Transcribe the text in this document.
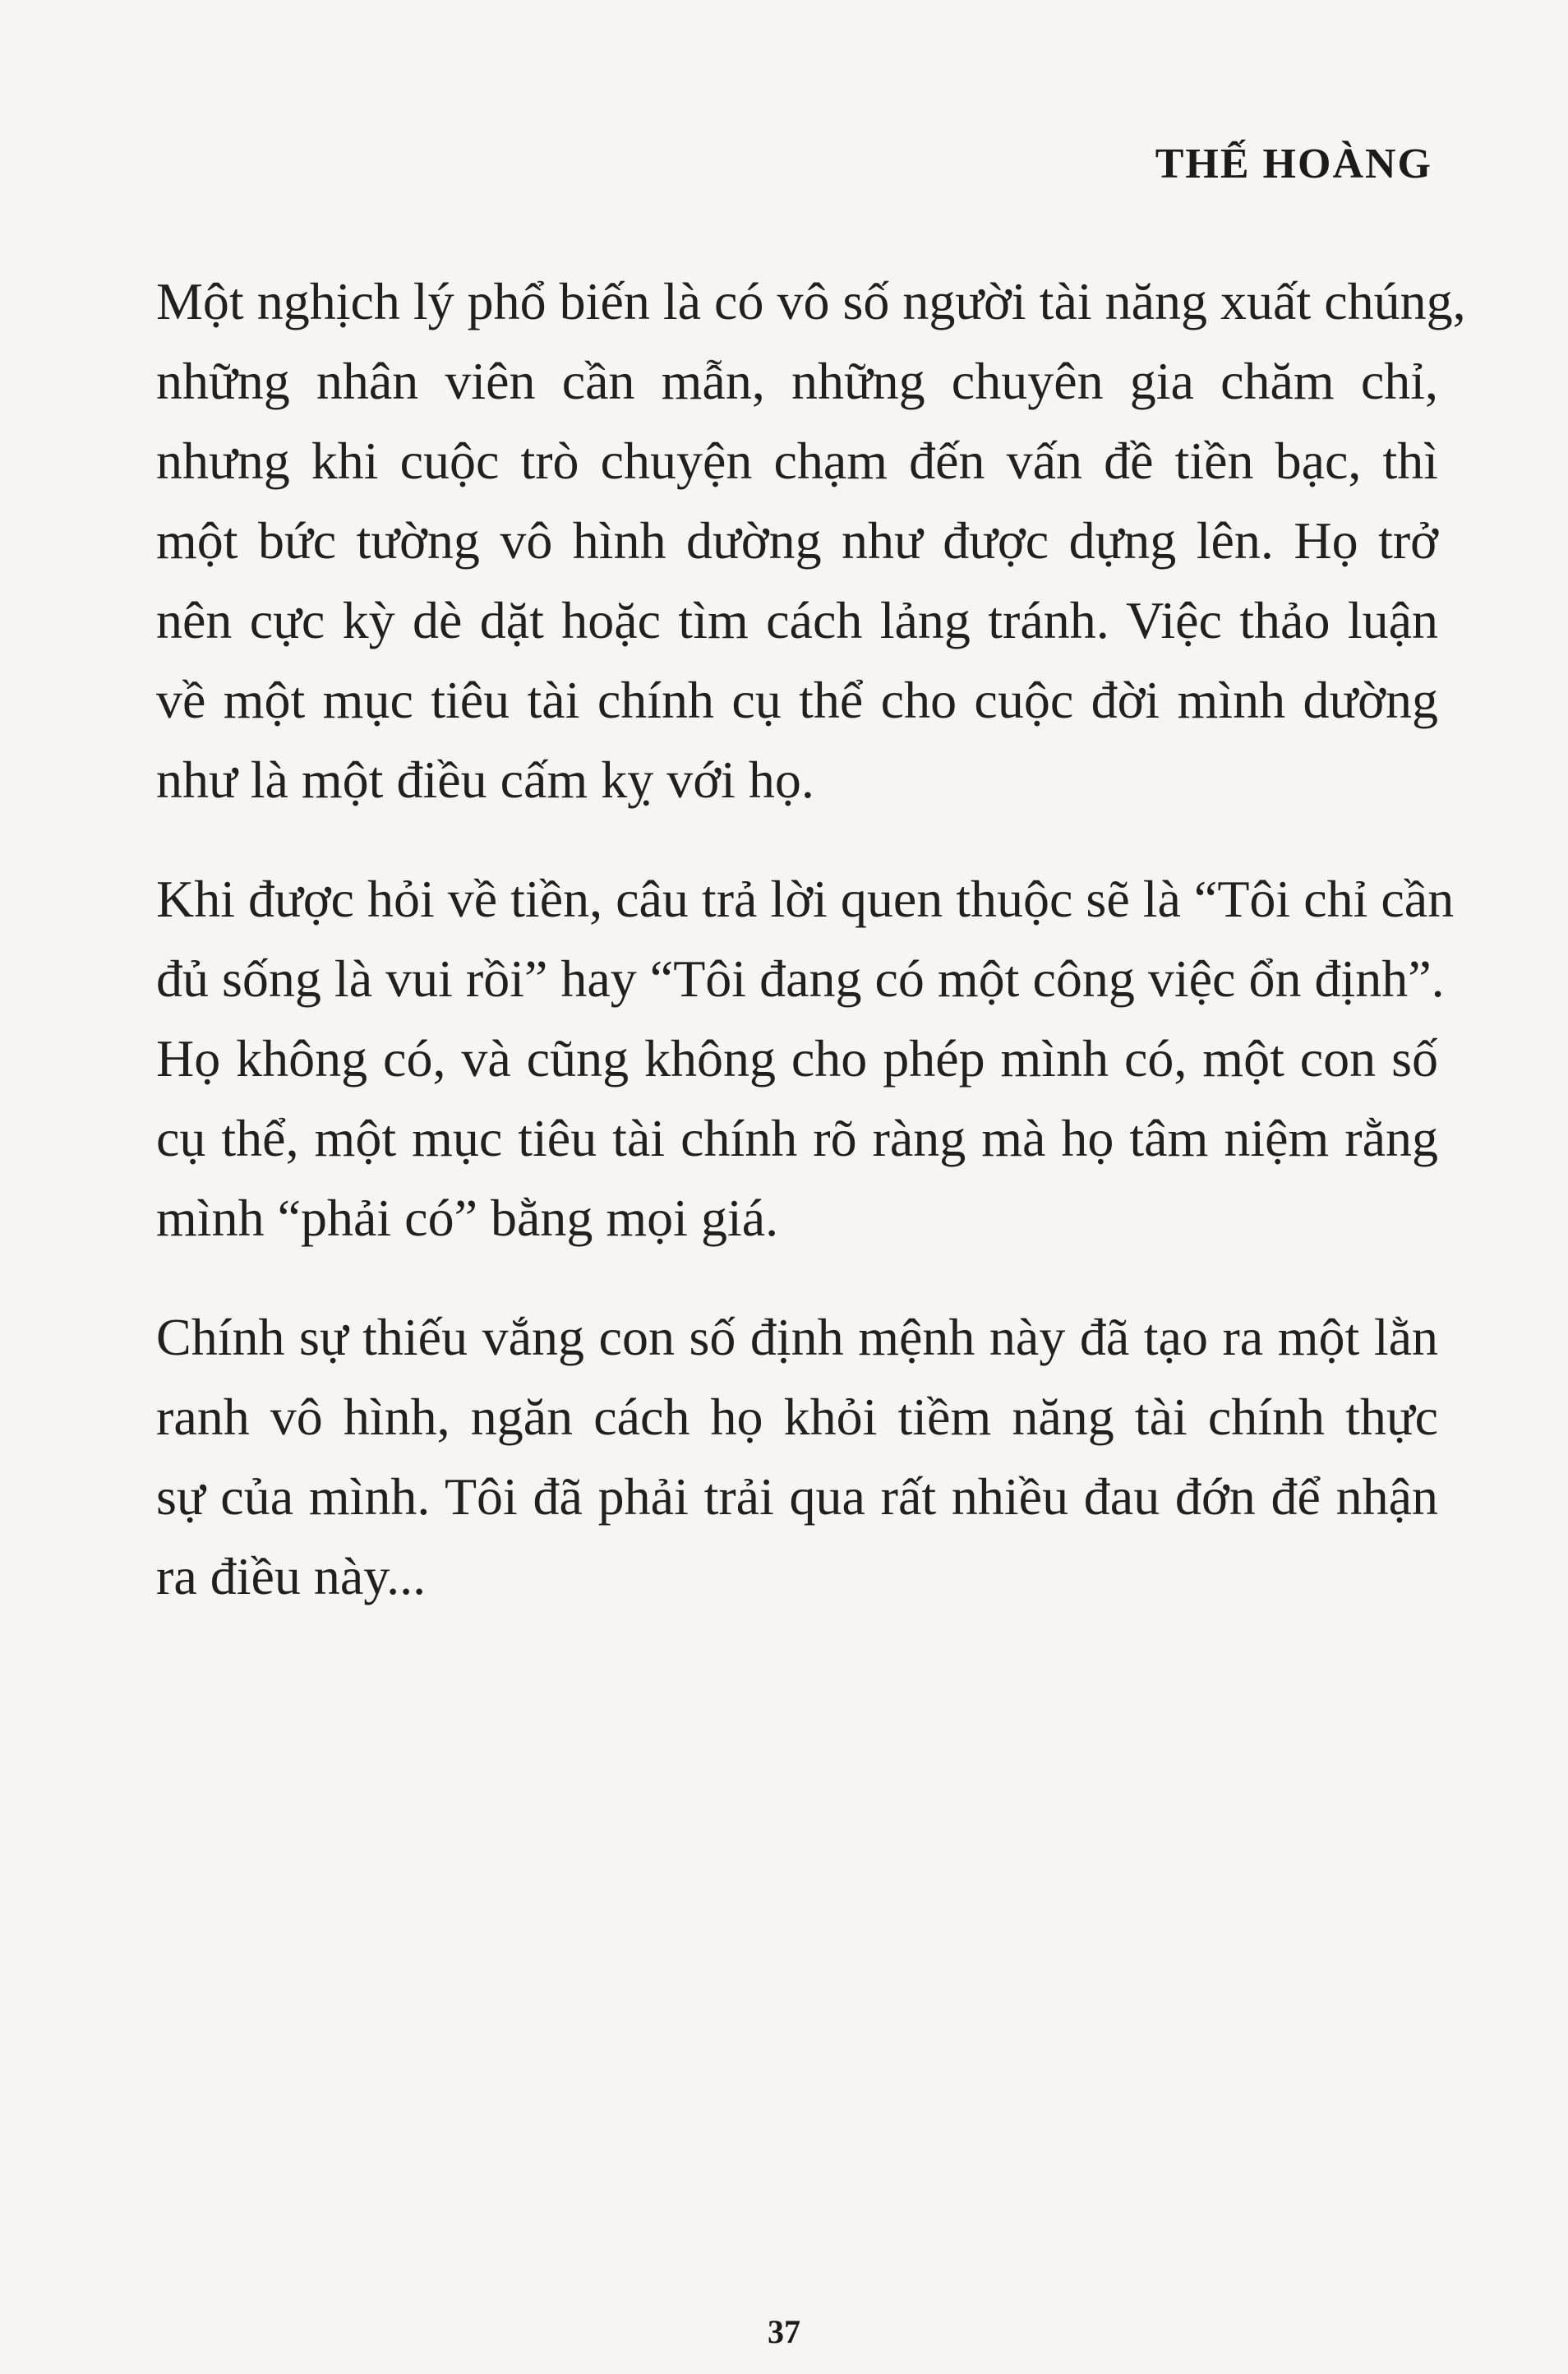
THẾ HOÀNG

Một nghịch lý phổ biến là có vô số người tài năng xuất chúng,
những nhân viên cần mẫn, những chuyên gia chăm chỉ,
nhưng khi cuộc trò chuyện chạm đến vấn đề tiền bạc, thì
một bức tường vô hình dường như được dựng lên. Họ trở
nên cực kỳ dè dặt hoặc tìm cách lảng tránh. Việc thảo luận
về một mục tiêu tài chính cụ thể cho cuộc đời mình dường
như là một điều cấm kỵ với họ.

Khi được hỏi về tiền, câu trả lời quen thuộc sẽ là “Tôi chỉ cần
đủ sống là vui rồi” hay “Tôi đang có một công việc ổn định”.
Họ không có, và cũng không cho phép mình có, một con số
cụ thể, một mục tiêu tài chính rõ ràng mà họ tâm niệm rằng
mình “phải có” bằng mọi giá.

Chính sự thiếu vắng con số định mệnh này đã tạo ra một lằn
ranh vô hình, ngăn cách họ khỏi tiềm năng tài chính thực
sự của mình. Tôi đã phải trải qua rất nhiều đau đớn để nhận
ra điều này...

37
